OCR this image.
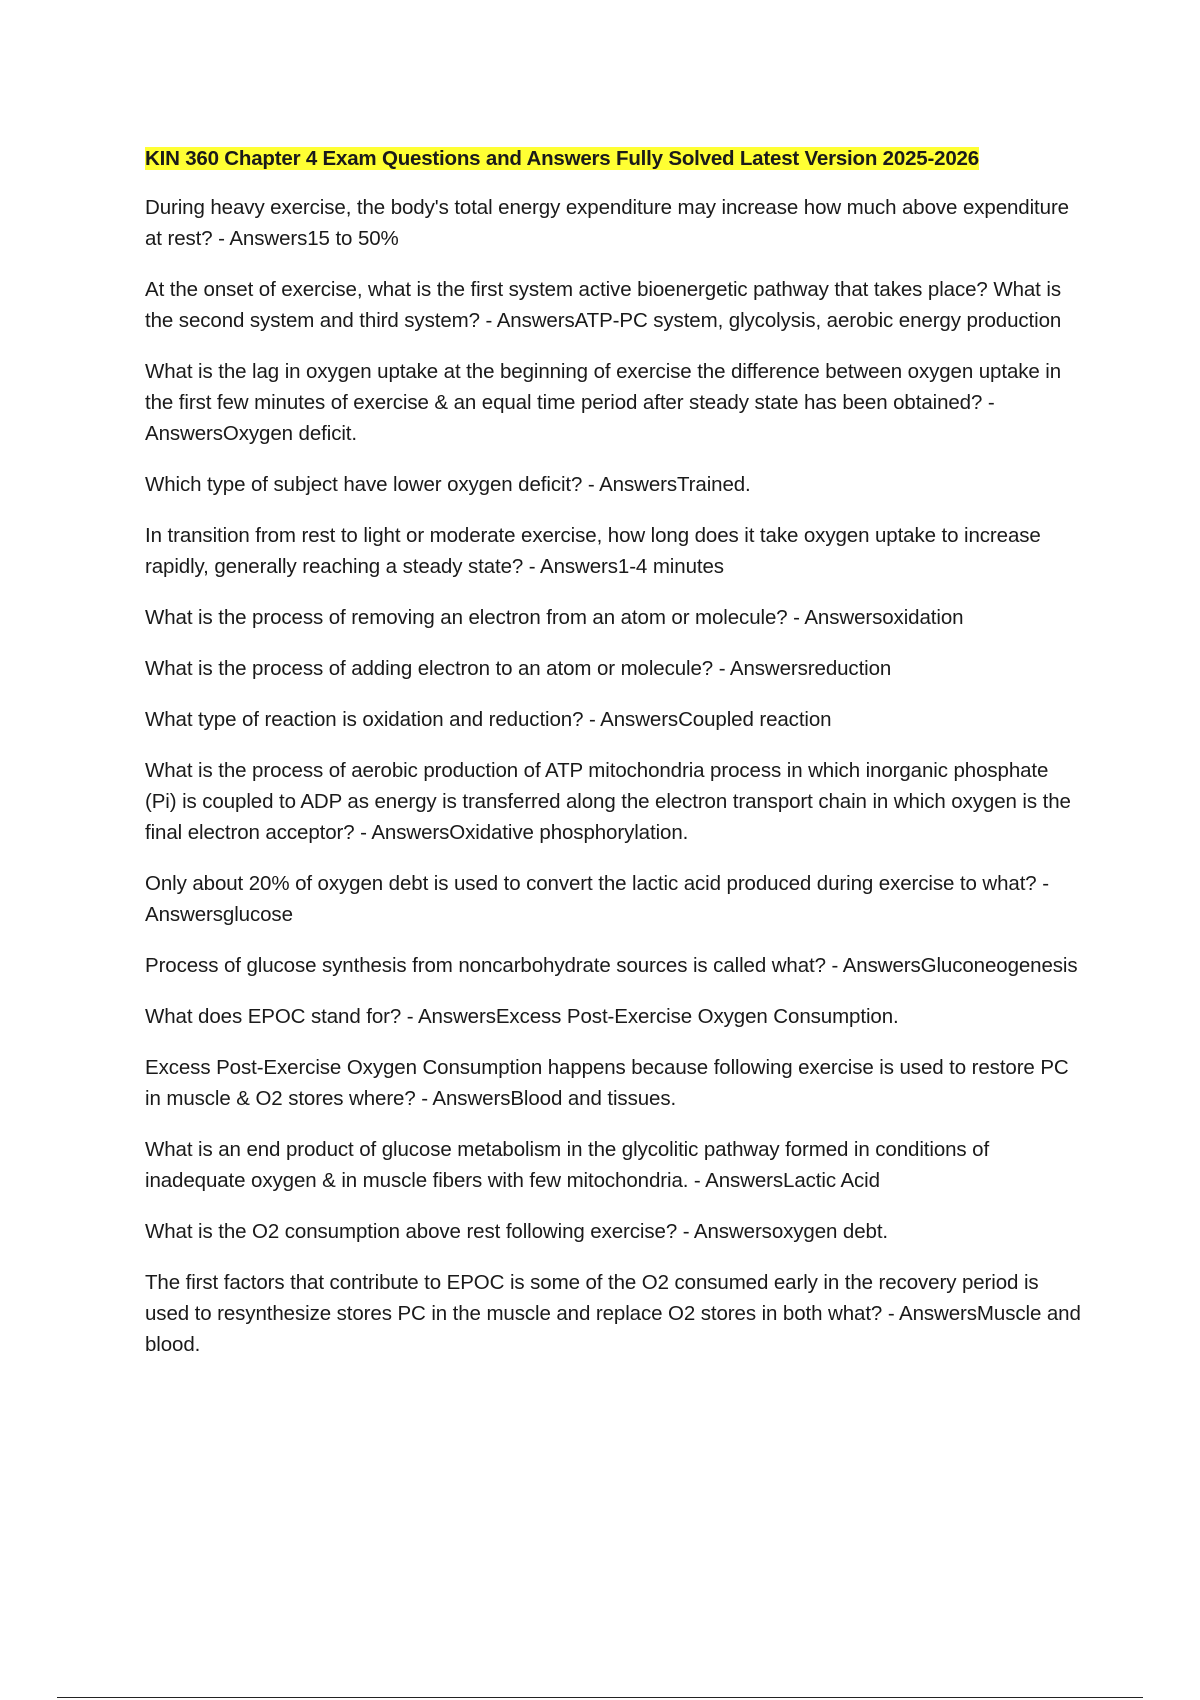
KIN 360 Chapter 4 Exam Questions and Answers Fully Solved Latest Version 2025-2026

During heavy exercise, the body's total energy expenditure may increase how much above expenditure at rest? - Answers15 to 50%

At the onset of exercise, what is the first system active bioenergetic pathway that takes place? What is the second system and third system? - AnswersATP-PC system, glycolysis, aerobic energy production

What is the lag in oxygen uptake at the beginning of exercise the difference between oxygen uptake in the first few minutes of exercise & an equal time period after steady state has been obtained? - AnswersOxygen deficit.

Which type of subject have lower oxygen deficit? - AnswersTrained.

In transition from rest to light or moderate exercise, how long does it take oxygen uptake to increase rapidly, generally reaching a steady state? - Answers1-4 minutes

What is the process of removing an electron from an atom or molecule? - Answersoxidation

What is the process of adding electron to an atom or molecule? - Answersreduction

What type of reaction is oxidation and reduction? - AnswersCoupled reaction

What is the process of aerobic production of ATP mitochondria process in which inorganic phosphate (Pi) is coupled to ADP as energy is transferred along the electron transport chain in which oxygen is the final electron acceptor? - AnswersOxidative phosphorylation.

Only about 20% of oxygen debt is used to convert the lactic acid produced during exercise to what? - Answersglucose

Process of glucose synthesis from noncarbohydrate sources is called what? - AnswersGluconeogenesis

What does EPOC stand for? - AnswersExcess Post-Exercise Oxygen Consumption.

Excess Post-Exercise Oxygen Consumption happens because following exercise is used to restore PC in muscle & O2 stores where? - AnswersBlood and tissues.

What is an end product of glucose metabolism in the glycolitic pathway formed in conditions of inadequate oxygen & in muscle fibers with few mitochondria. - AnswersLactic Acid

What is the O2 consumption above rest following exercise? - Answersoxygen debt.

The first factors that contribute to EPOC is some of the O2 consumed early in the recovery period is used to resynthesize stores PC in the muscle and replace O2 stores in both what? - AnswersMuscle and blood.
